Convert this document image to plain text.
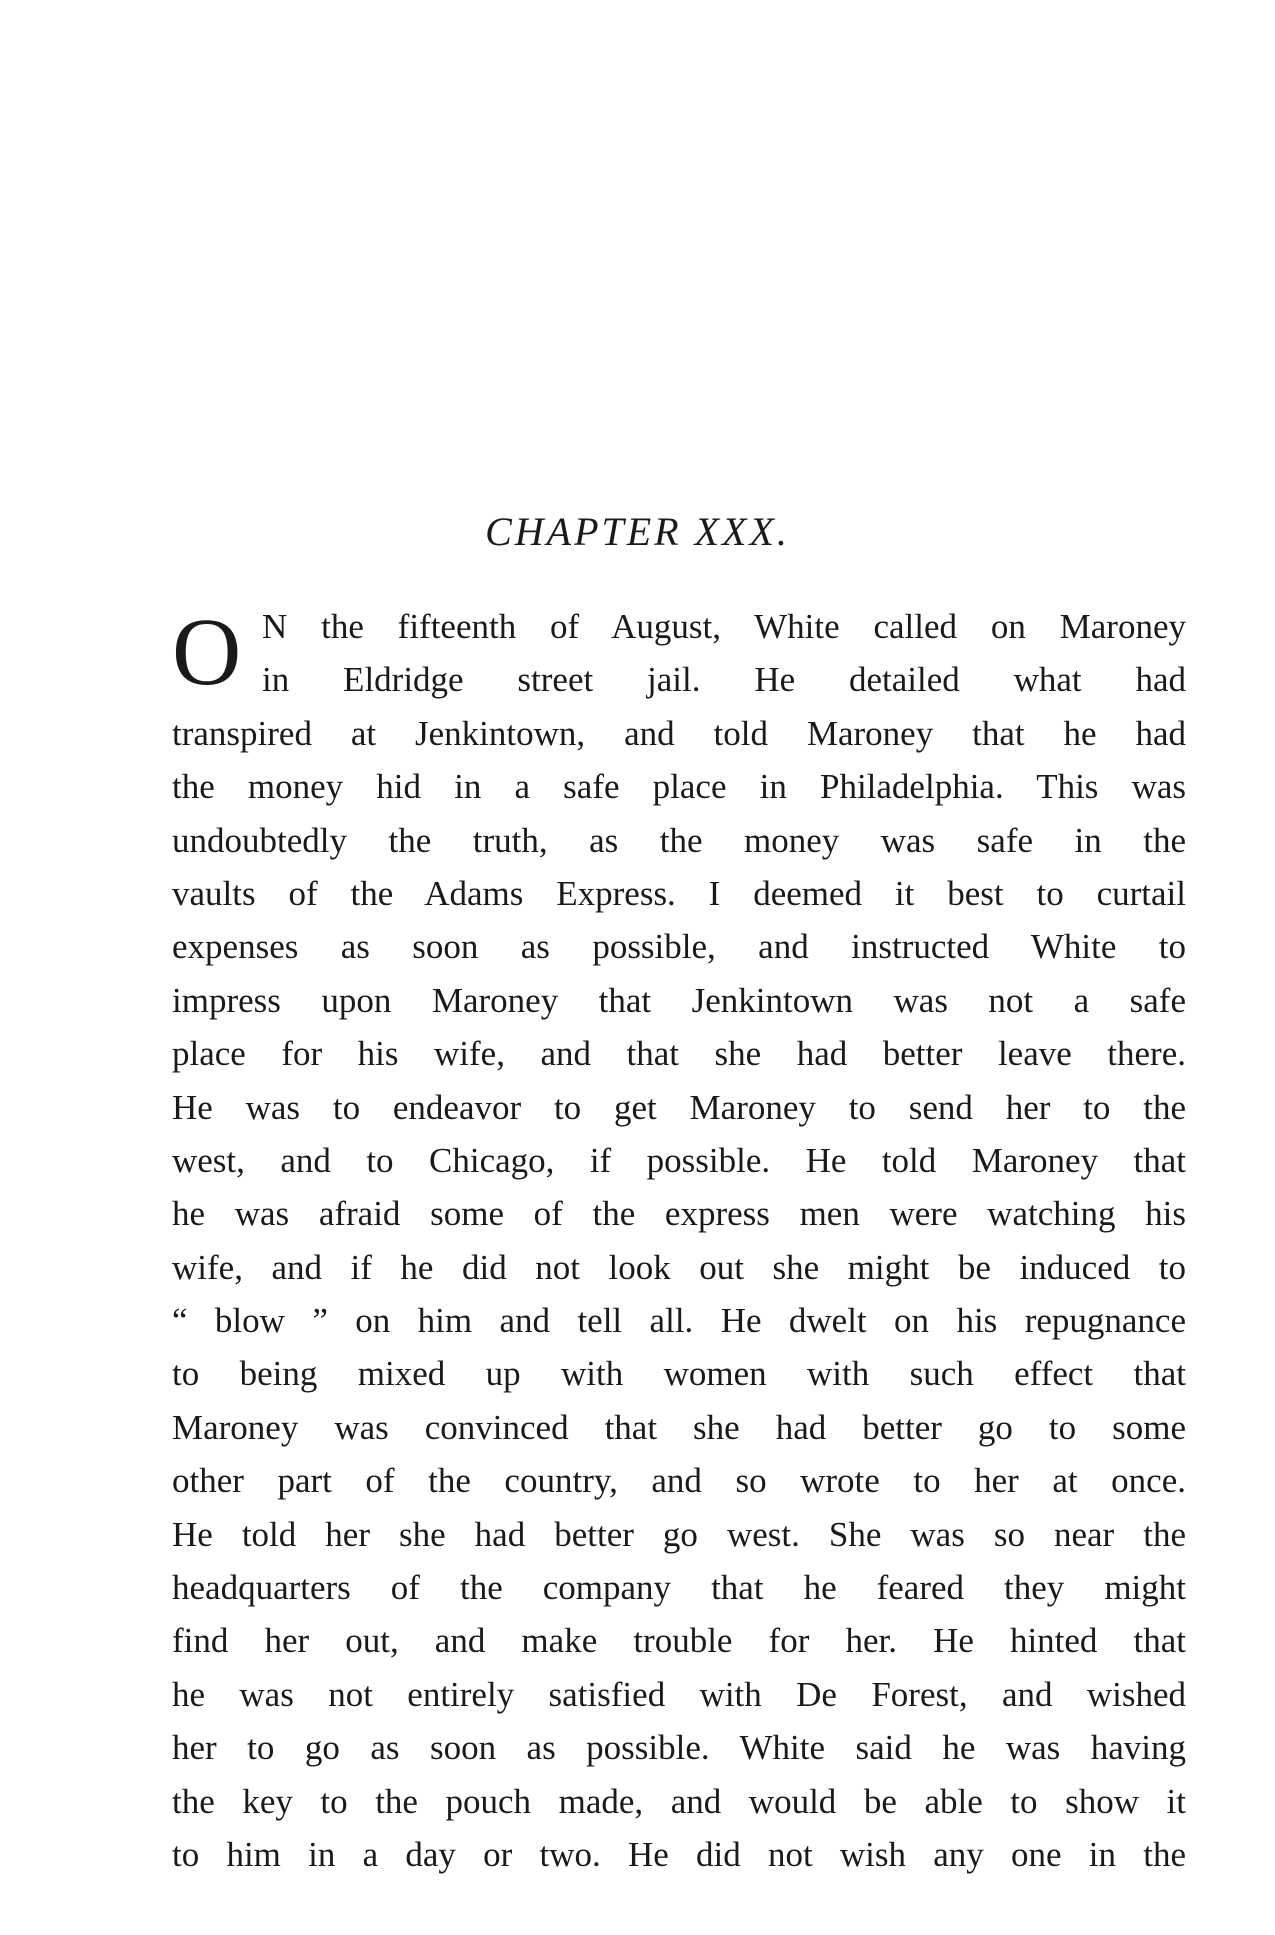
CHAPTER XXX.
O N the fifteenth of August, White called on Maroney
in Eldridge street jail. He detailed what had
transpired at Jenkintown, and told Maroney that he had
the money hid in a safe place in Philadelphia. This was
undoubtedly the truth, as the money was safe in the
vaults of the Adams Express. I deemed it best to curtail
expenses as soon as possible, and instructed White to
impress upon Maroney that Jenkintown was not a safe
place for his wife, and that she had better leave there.
He was to endeavor to get Maroney to send her to the
west, and to Chicago, if possible. He told Maroney that
he was afraid some of the express men were watching his
wife, and if he did not look out she might be induced to
“ blow ” on him and tell all. He dwelt on his repugnance
to being mixed up with women with such effect that
Maroney was convinced that she had better go to some
other part of the country, and so wrote to her at once.
He told her she had better go west. She was so near the
headquarters of the company that he feared they might
find her out, and make trouble for her. He hinted that
he was not entirely satisfied with De Forest, and wished
her to go as soon as possible. White said he was having
the key to the pouch made, and would be able to show it
to him in a day or two. He did not wish any one in the
